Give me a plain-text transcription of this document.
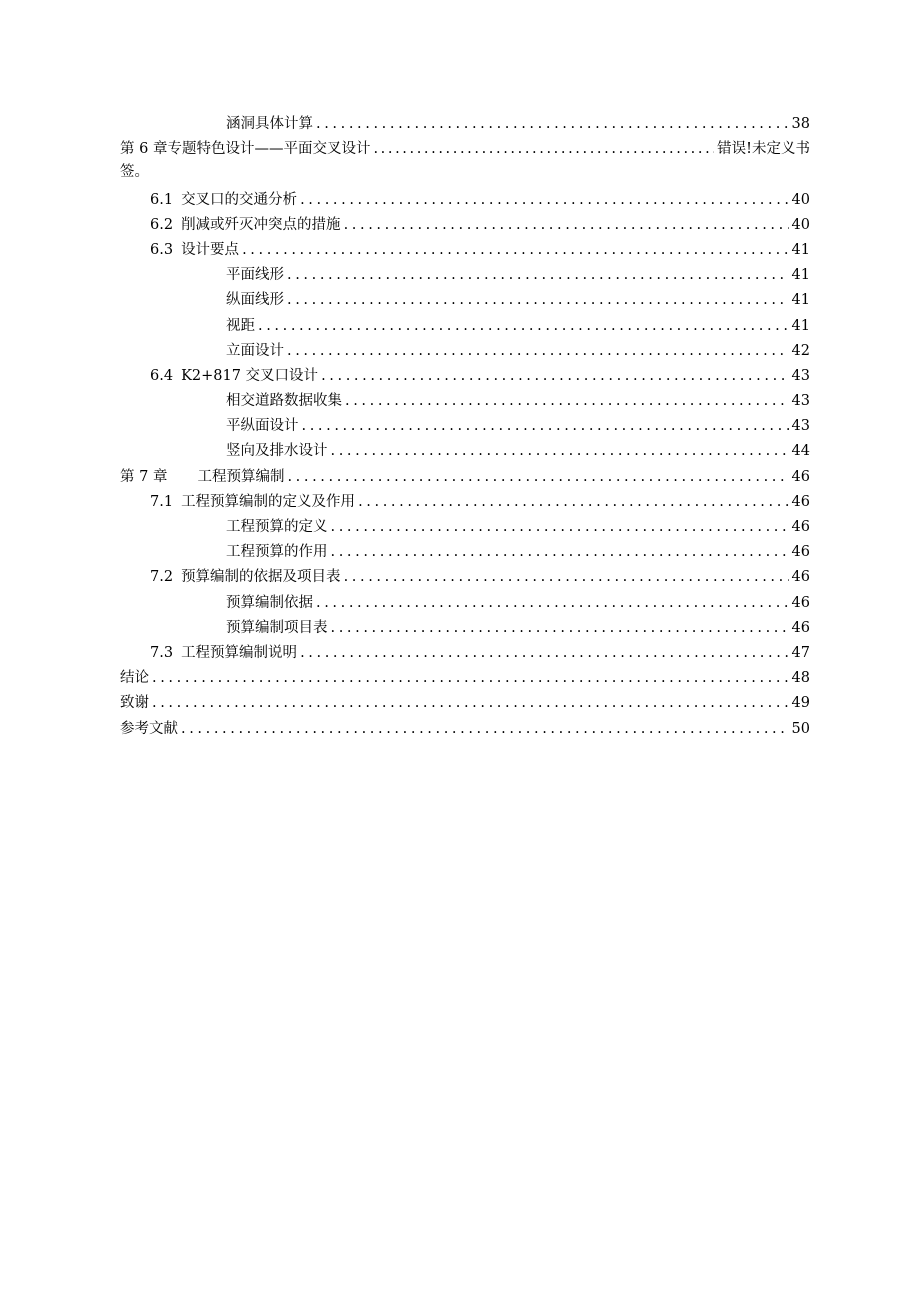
涵洞具体计算 .....	38
第 6 章专题特色设计——平面交叉设计 .....	错误!未定义书
签。
6.1 交叉口的交通分析 .....	40
6.2 削减或歼灭冲突点的措施 .....	40
6.3 设计要点 .....	41
平面线形 .....	41
纵面线形 .....	41
视距 .....	41
立面设计 .....	42
6.4 K2+817 交叉口设计 .....	43
相交道路数据收集 .....	43
平纵面设计 .....	43
竖向及排水设计 .....	44
第 7 章 工程预算编制 .....	46
7.1 工程预算编制的定义及作用 .....	46
工程预算的定义 .....	46
工程预算的作用 .....	46
7.2 预算编制的依据及项目表 .....	46
预算编制依据 .....	46
预算编制项目表 .....	46
7.3 工程预算编制说明 .....	47
结论 .....	48
致谢 .....	49
参考文献 .....	50
